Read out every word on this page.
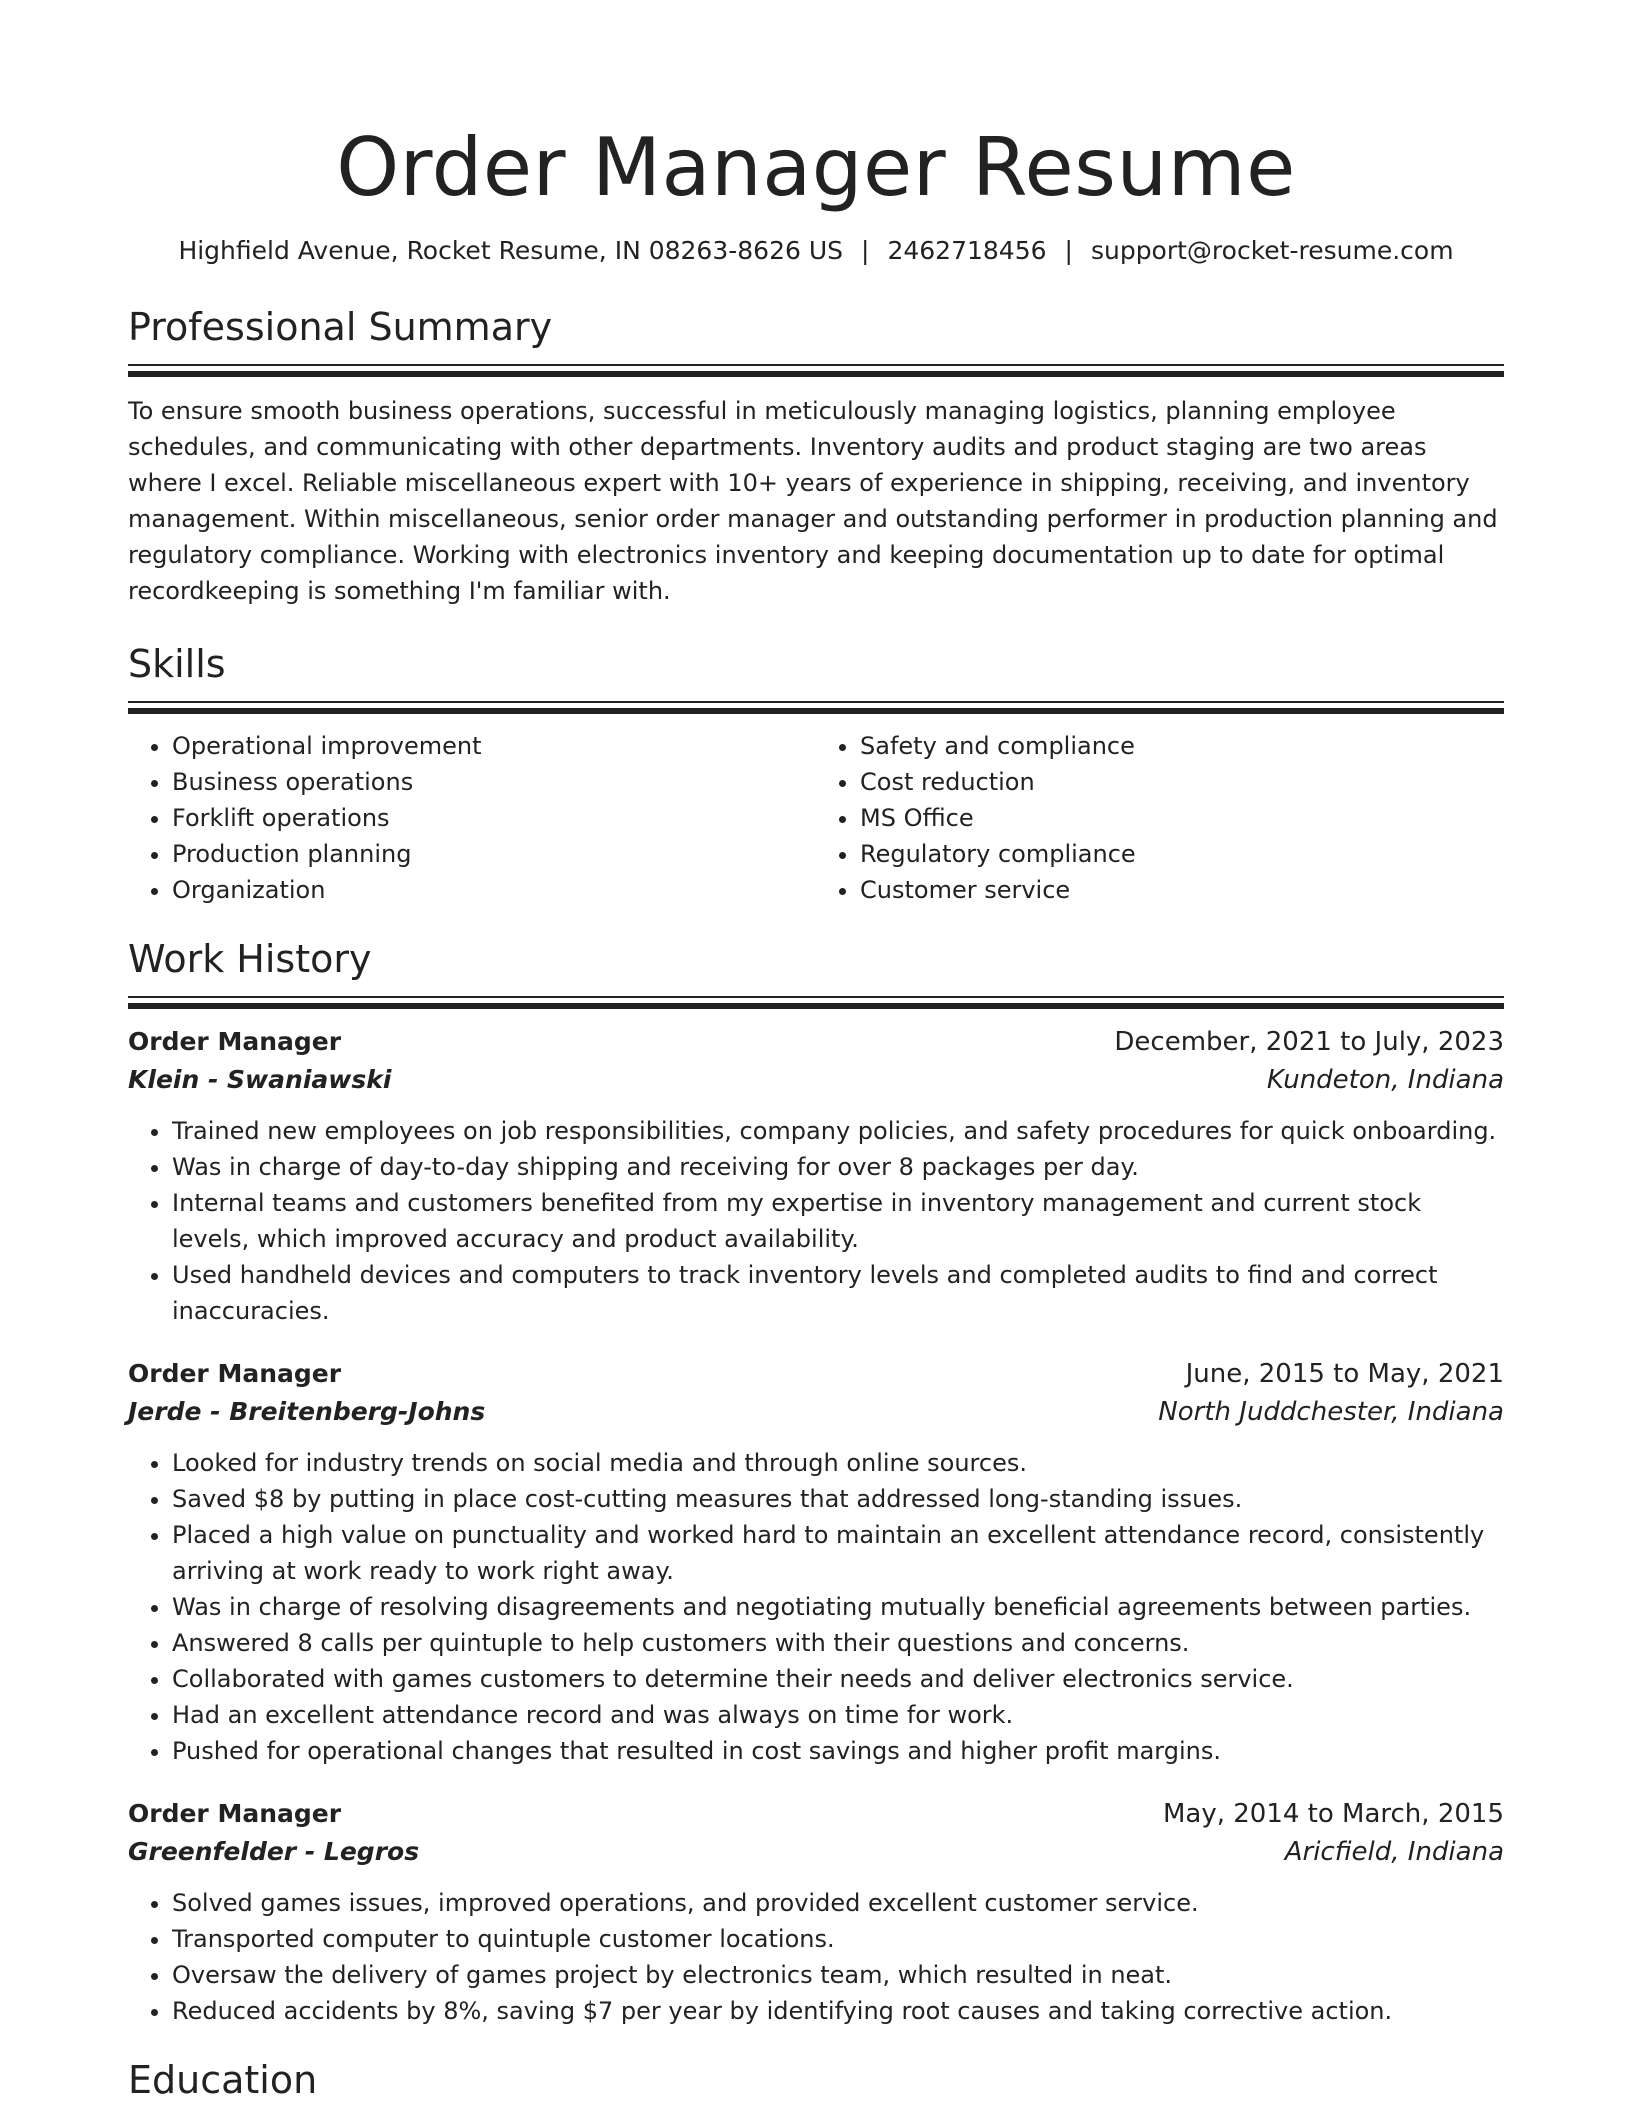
Order Manager Resume
Highfield Avenue, Rocket Resume, IN 08263-8626 US | 2462718456 | support@rocket-resume.com
Professional Summary

To ensure smooth business operations, successful in meticulously managing logistics, planning employee schedules, and communicating with other departments. Inventory audits and product staging are two areas where I excel. Reliable miscellaneous expert with 10+ years of experience in shipping, receiving, and inventory management. Within miscellaneous, senior order manager and outstanding performer in production planning and regulatory compliance. Working with electronics inventory and keeping documentation up to date for optimal recordkeeping is something I'm familiar with.

Skills
• Operational improvement
• Business operations
• Forklift operations
• Production planning
• Organization
• Safety and compliance
• Cost reduction
• MS Office
• Regulatory compliance
• Customer service
Work History
Order Manager	December, 2021 to July, 2023
Klein - Swaniawski	Kundeton, Indiana
• Trained new employees on job responsibilities, company policies, and safety procedures for quick onboarding.
• Was in charge of day-to-day shipping and receiving for over 8 packages per day.
• Internal teams and customers benefited from my expertise in inventory management and current stock levels, which improved accuracy and product availability.
• Used handheld devices and computers to track inventory levels and completed audits to find and correct inaccuracies.
Order Manager	June, 2015 to May, 2021
Jerde - Breitenberg-Johns	North Juddchester, Indiana
• Looked for industry trends on social media and through online sources.
• Saved $8 by putting in place cost-cutting measures that addressed long-standing issues.
• Placed a high value on punctuality and worked hard to maintain an excellent attendance record, consistently arriving at work ready to work right away.
• Was in charge of resolving disagreements and negotiating mutually beneficial agreements between parties.
• Answered 8 calls per quintuple to help customers with their questions and concerns.
• Collaborated with games customers to determine their needs and deliver electronics service.
• Had an excellent attendance record and was always on time for work.
• Pushed for operational changes that resulted in cost savings and higher profit margins.
Order Manager	May, 2014 to March, 2015
Greenfelder - Legros	Aricfield, Indiana
• Solved games issues, improved operations, and provided excellent customer service.
• Transported computer to quintuple customer locations.
• Oversaw the delivery of games project by electronics team, which resulted in neat.
• Reduced accidents by 8%, saving $7 per year by identifying root causes and taking corrective action.
Education
